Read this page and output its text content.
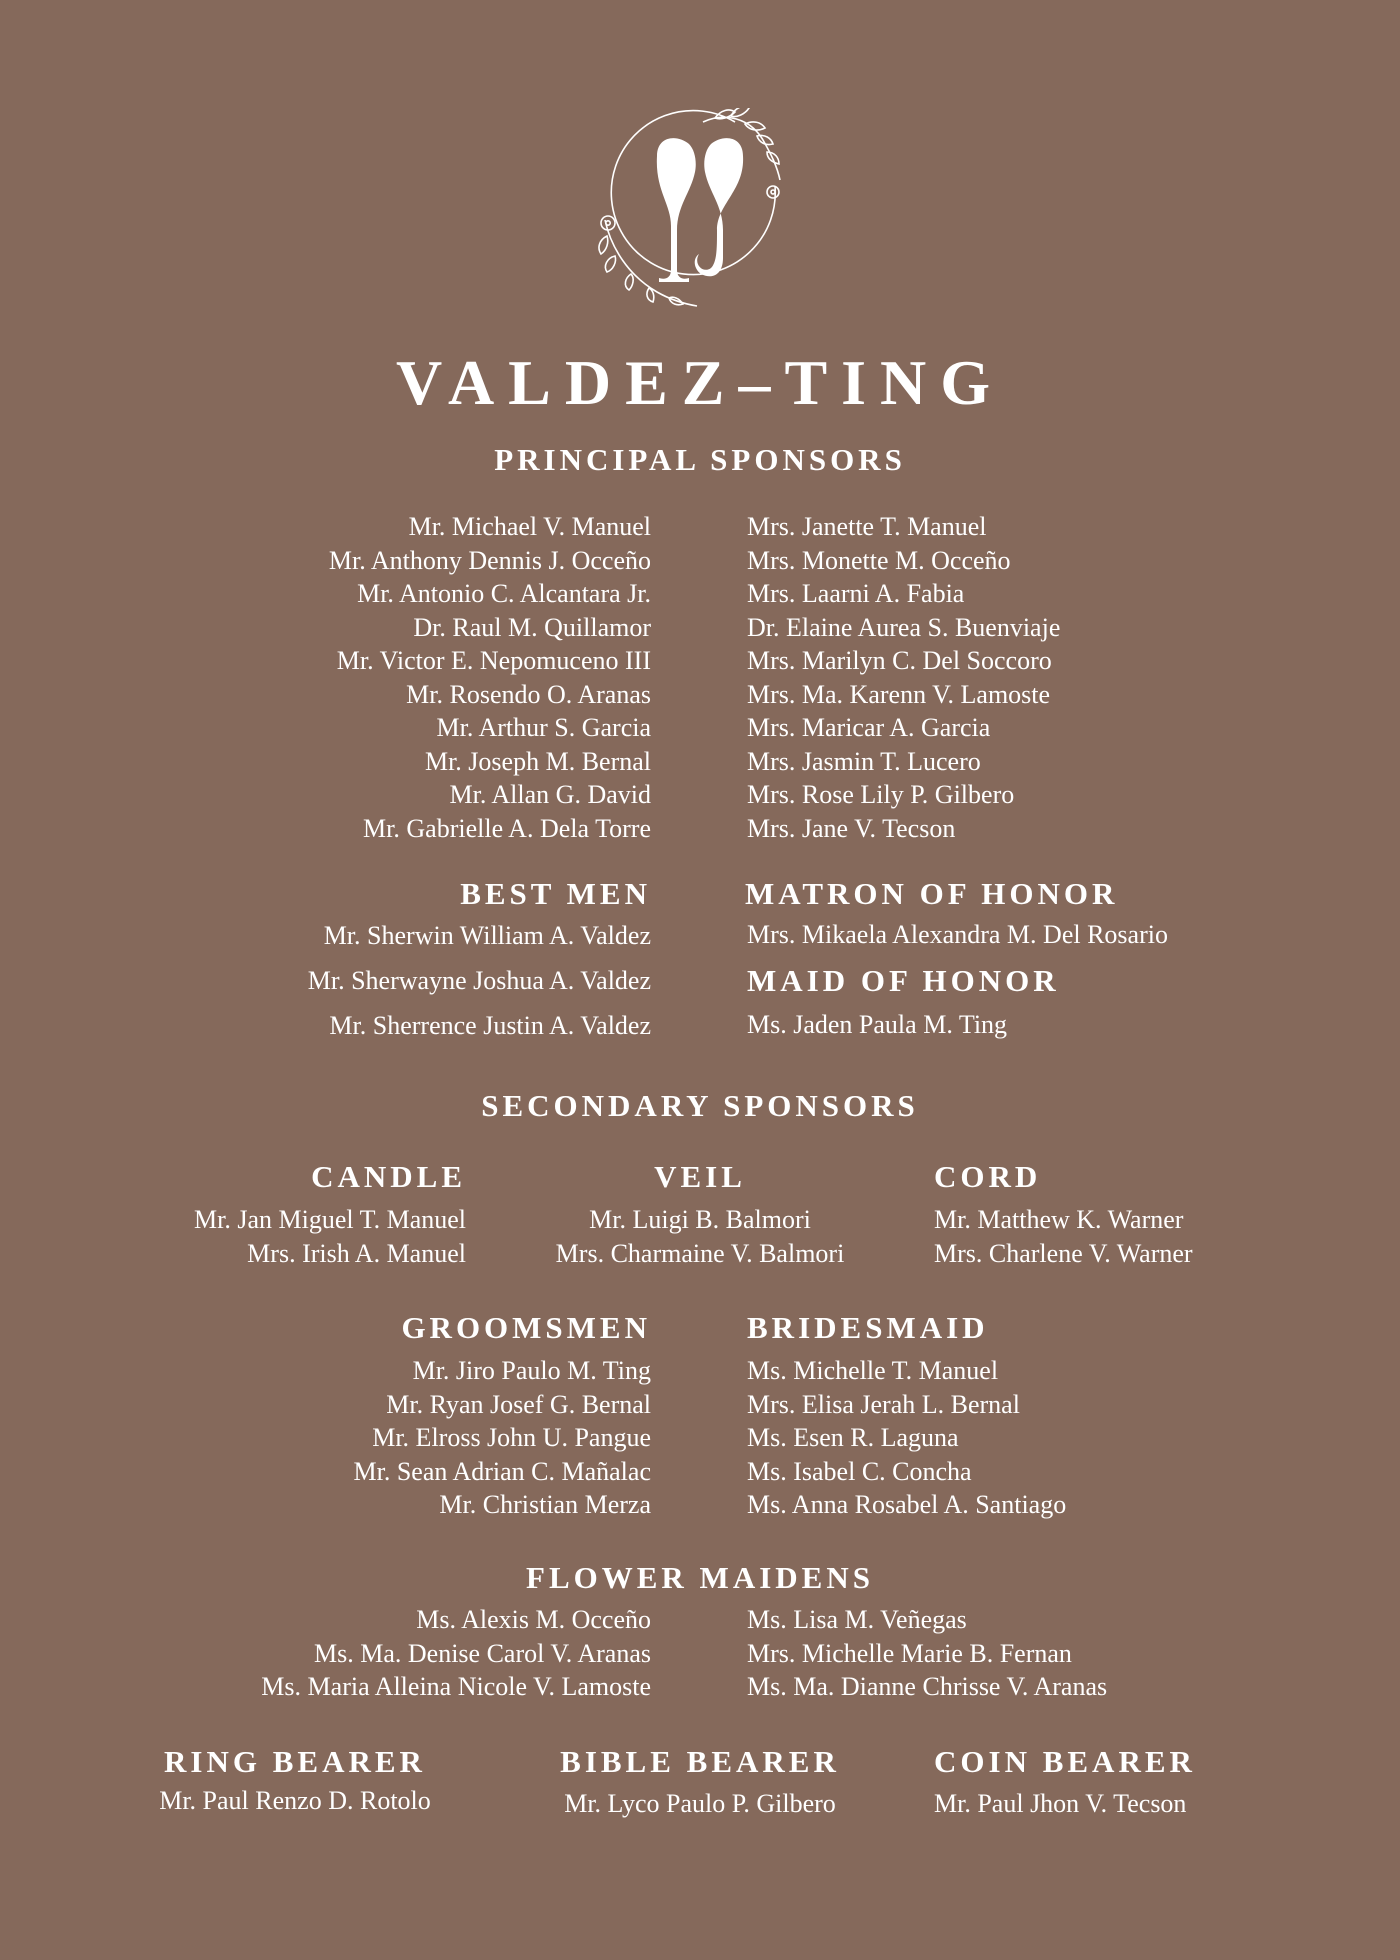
VALDEZ–TING
PRINCIPAL SPONSORS
Mr. Michael V. Manuel
Mr. Anthony Dennis J. Occeño
Mr. Antonio C. Alcantara Jr.
Dr. Raul M. Quillamor
Mr. Victor E. Nepomuceno III
Mr. Rosendo O. Aranas
Mr. Arthur S. Garcia
Mr. Joseph M. Bernal
Mr. Allan G. David
Mr. Gabrielle A. Dela Torre
Mrs. Janette T. Manuel
Mrs. Monette M. Occeño
Mrs. Laarni A. Fabia
Dr. Elaine Aurea S. Buenviaje
Mrs. Marilyn C. Del Soccoro
Mrs. Ma. Karenn V. Lamoste
Mrs. Maricar A. Garcia
Mrs. Jasmin T. Lucero
Mrs. Rose Lily P. Gilbero
Mrs. Jane V. Tecson
BEST MEN
Mr. Sherwin William A. Valdez
Mr. Sherwayne Joshua A. Valdez
Mr. Sherrence Justin A. Valdez
MATRON OF HONOR
Mrs. Mikaela Alexandra M. Del Rosario
MAID OF HONOR
Ms. Jaden Paula M. Ting
SECONDARY SPONSORS
CANDLE
Mr. Jan Miguel T. Manuel
Mrs. Irish A. Manuel
VEIL
Mr. Luigi B. Balmori
Mrs. Charmaine V. Balmori
CORD
Mr. Matthew K. Warner
Mrs. Charlene V. Warner
GROOMSMEN
Mr. Jiro Paulo M. Ting
Mr. Ryan Josef G. Bernal
Mr. Elross John U. Pangue
Mr. Sean Adrian C. Mañalac
Mr. Christian Merza
BRIDESMAID
Ms. Michelle T. Manuel
Mrs. Elisa Jerah L. Bernal
Ms. Esen R. Laguna
Ms. Isabel C. Concha
Ms. Anna Rosabel A. Santiago
FLOWER MAIDENS
Ms. Alexis M. Occeño
Ms. Ma. Denise Carol V. Aranas
Ms. Maria Alleina Nicole V. Lamoste
Ms. Lisa M. Veñegas
Mrs. Michelle Marie B. Fernan
Ms. Ma. Dianne Chrisse V. Aranas
RING BEARER
Mr. Paul Renzo D. Rotolo
BIBLE BEARER
Mr. Lyco Paulo P. Gilbero
COIN BEARER
Mr. Paul Jhon V. Tecson
